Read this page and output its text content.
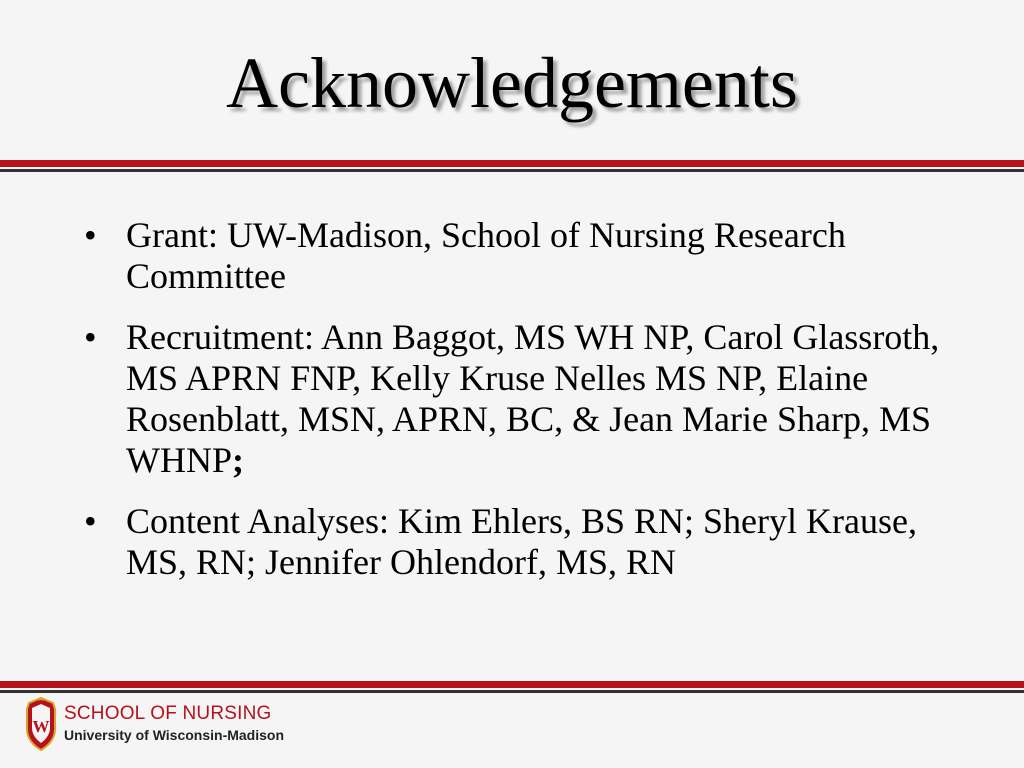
Acknowledgements
• Grant: UW-Madison, School of Nursing Research Committee
• Recruitment: Ann Baggot, MS WH NP, Carol Glassroth, MS APRN FNP, Kelly Kruse Nelles MS NP, Elaine Rosenblatt, MSN, APRN, BC, & Jean Marie Sharp, MS WHNP;
• Content Analyses: Kim Ehlers, BS RN; Sheryl Krause, MS, RN; Jennifer Ohlendorf, MS, RN
W
SCHOOL OF NURSING
University of Wisconsin-Madison
